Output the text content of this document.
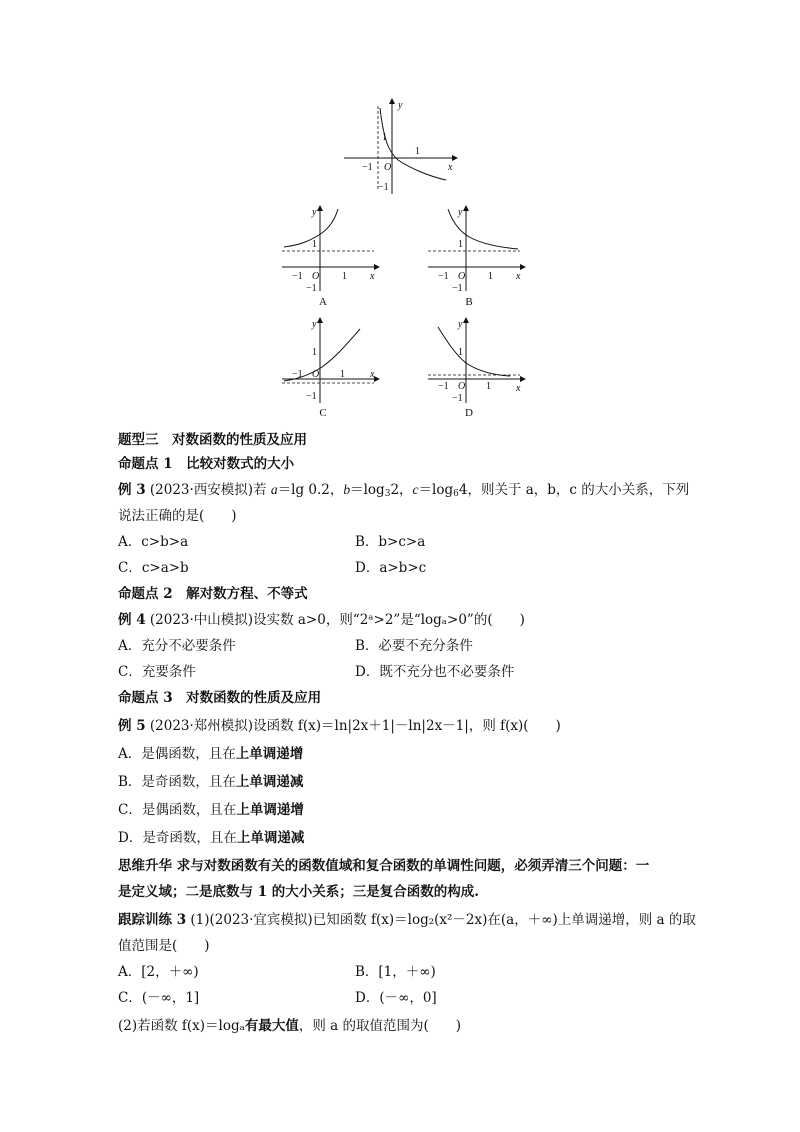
y
x
O
1
−1
−1
1
y
x
O
1
−1
−1
1
A
y
x
O
1
−1
−1
1
B
y
x
O
1
−1
−1
1
C
y
x
O
1
−1
−1
1
D
题型三　对数函数的性质及应用
命题点 1　比较对数式的大小
例 3 (2023·西安模拟)若 a＝lg 0.2，$b=\log_32$，$c=\log_64$，则关于 a，b，c 的大小关系，下列
说法正确的是(　　)
A．c>b>a	B．b>c>a
C．c>a>b	D．a>b>c
命题点 2　解对数方程、不等式
例 4 (2023·中山模拟)设实数 a>0，则“2ᵃ>2”是“logₐ>0”的(　　)
A．充分不必要条件	B．必要不充分条件
C．充要条件	D．既不充分也不必要条件
命题点 3　对数函数的性质及应用
例 5 (2023·郑州模拟)设函数 f(x)＝ln|2x＋1|－ln|2x－1|，则 f(x)(　　)
A．是偶函数，且在上单调递增
B．是奇函数，且在上单调递减
C．是偶函数，且在上单调递增
D．是奇函数，且在上单调递减
思维升华 求与对数函数有关的函数值域和复合函数的单调性问题，必须弄清三个问题：一
是定义域；二是底数与 1 的大小关系；三是复合函数的构成.
跟踪训练 3 (1)(2023·宜宾模拟)已知函数 f(x)＝log₂(x²－2x)在(a，＋∞)上单调递增，则 a 的取
值范围是(　　)
A．[2，＋∞)	B．[1，＋∞)
C．(－∞，1]	D．(－∞，0]
(2)若函数 f(x)＝logₐ有最大值，则 a 的取值范围为(　　)
